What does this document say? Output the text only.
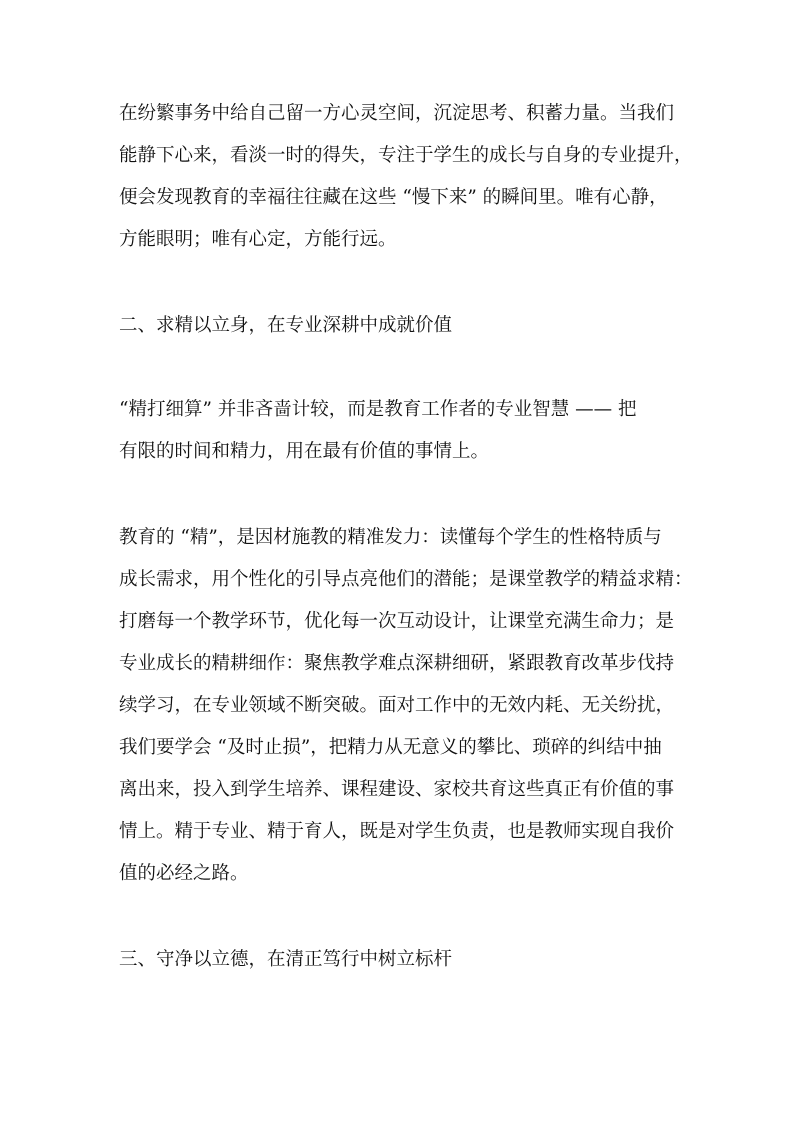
在纷繁事务中给自己留一方心灵空间，沉淀思考、积蓄力量。当我们
能静下心来，看淡一时的得失，专注于学生的成长与自身的专业提升，
便会发现教育的幸福往往藏在这些 “慢下来” 的瞬间里。唯有心静，
方能眼明；唯有心定，方能行远。
二、求精以立身，在专业深耕中成就价值
“精打细算” 并非吝啬计较，而是教育工作者的专业智慧 —— 把
有限的时间和精力，用在最有价值的事情上。
教育的 “精”，是因材施教的精准发力：读懂每个学生的性格特质与
成长需求，用个性化的引导点亮他们的潜能；是课堂教学的精益求精：
打磨每一个教学环节，优化每一次互动设计，让课堂充满生命力；是
专业成长的精耕细作：聚焦教学难点深耕细研，紧跟教育改革步伐持
续学习，在专业领域不断突破。面对工作中的无效内耗、无关纷扰，
我们要学会 “及时止损”，把精力从无意义的攀比、琐碎的纠结中抽
离出来，投入到学生培养、课程建设、家校共育这些真正有价值的事
情上。精于专业、精于育人，既是对学生负责，也是教师实现自我价
值的必经之路。
三、守净以立德，在清正笃行中树立标杆
